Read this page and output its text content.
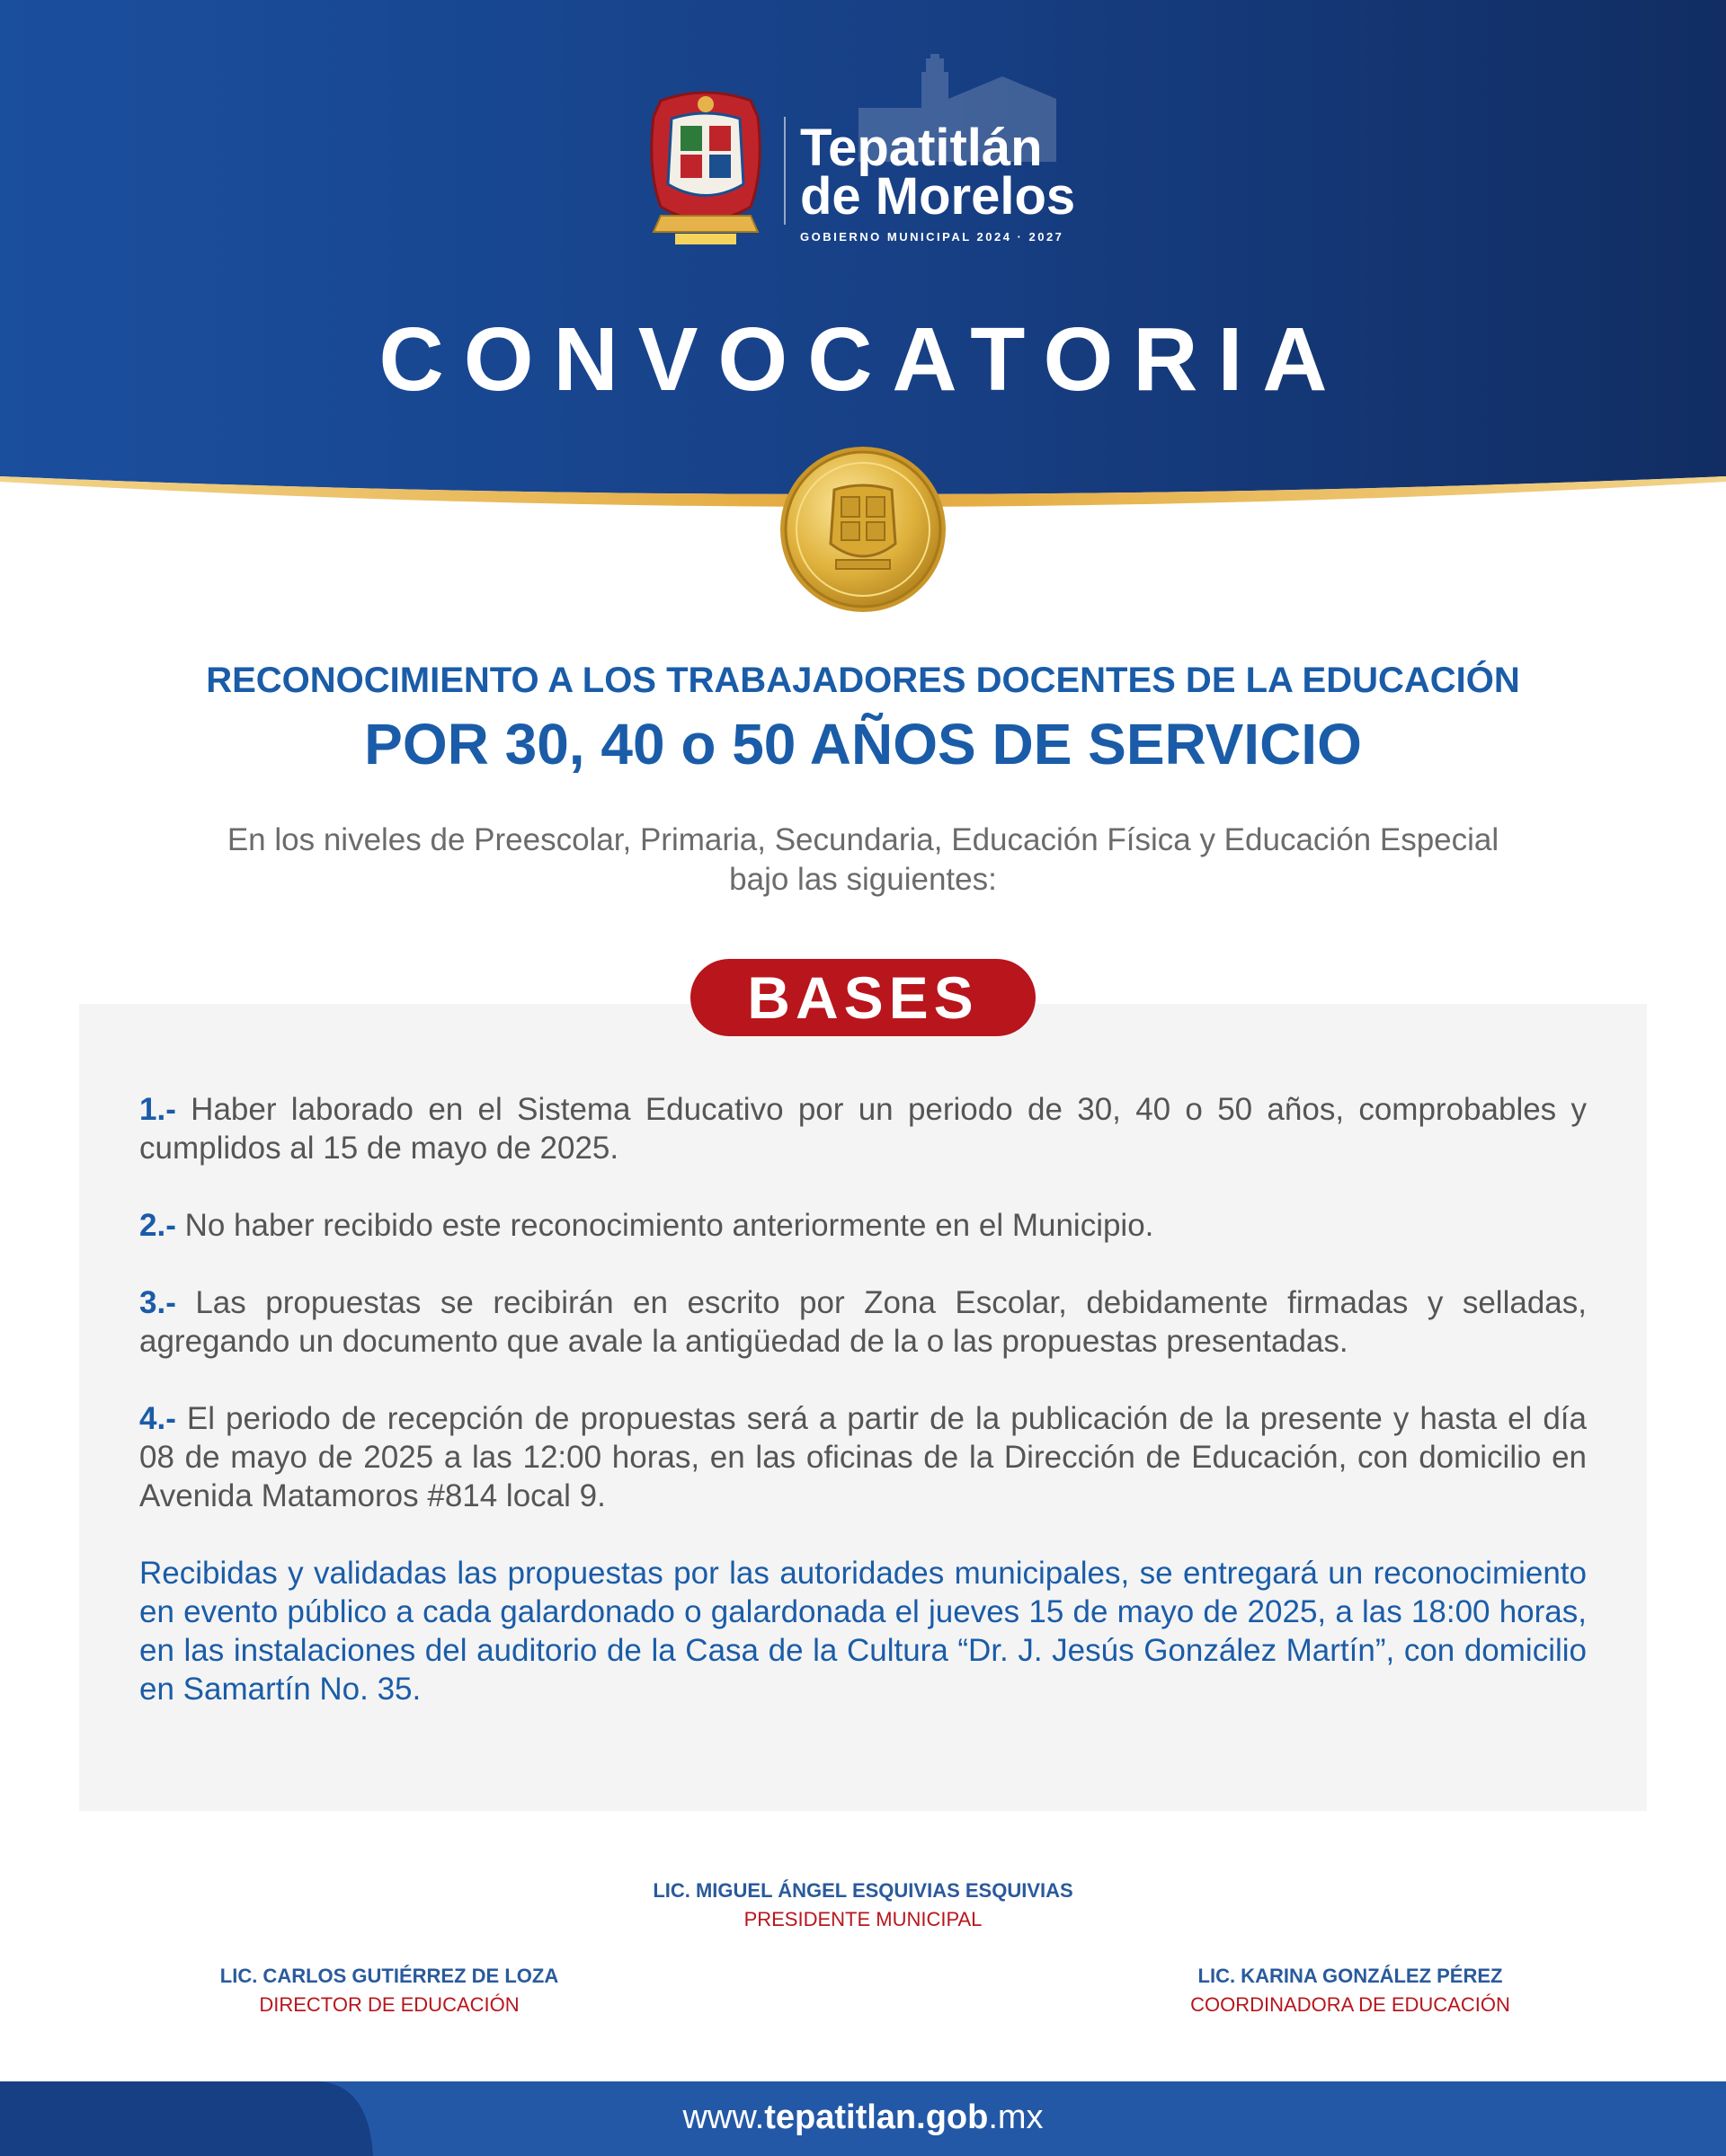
Tepatitlán
de Morelos
GOBIERNO MUNICIPAL 2024 · 2027
CONVOCATORIA
RECONOCIMIENTO A LOS TRABAJADORES DOCENTES DE LA EDUCACIÓN
POR 30, 40 o 50 AÑOS DE SERVICIO
En los niveles de Preescolar, Primaria, Secundaria, Educación Física y Educación Especial bajo las siguientes:
BASES

1.- Haber laborado en el Sistema Educativo por un periodo de 30, 40 o 50 años, comprobables y cumplidos al 15 de mayo de 2025.

2.- No haber recibido este reconocimiento anteriormente en el Municipio.

3.- Las propuestas se recibirán en escrito por Zona Escolar, debidamente firmadas y selladas, agregando un documento que avale la antigüedad de la o las propuestas presentadas.

4.- El periodo de recepción de propuestas será a partir de la publicación de la presente y hasta el día 08 de mayo de 2025 a las 12:00 horas, en las oficinas de la Dirección de Educación, con domicilio en Avenida Matamoros #814 local 9.

Recibidas y validadas las propuestas por las autoridades municipales, se entregará un reconocimiento en evento público a cada galardonado o galardonada el jueves 15 de mayo de 2025, a las 18:00 horas, en las instalaciones del auditorio de la Casa de la Cultura “Dr. J. Jesús González Martín”, con domicilio en Samartín No. 35.

LIC. MIGUEL ÁNGEL ESQUIVIAS ESQUIVIAS
PRESIDENTE MUNICIPAL
LIC. CARLOS GUTIÉRREZ DE LOZA
DIRECTOR DE EDUCACIÓN
LIC. KARINA GONZÁLEZ PÉREZ
COORDINADORA DE EDUCACIÓN
www.tepatitlan.gob.mx
